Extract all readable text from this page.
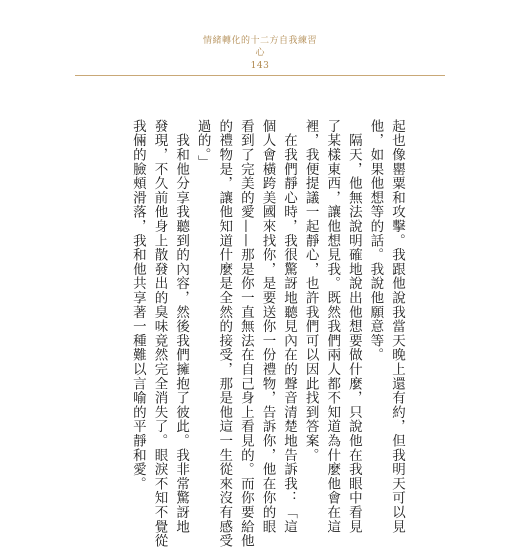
情緒轉化的十二方自我練習
心
143
起也像罌粟和攻擊。我跟他說我當天晚上還有約，但我明天可以見
他，如果他想等的話。我說他願意等。
　隔天，他無法說明確地說出他想要做什麼，只說他在我眼中看見
了某樣東西，讓他想見我。既然我們兩人都不知道為什麼他會在這
裡，我便提議一起靜心，也許我們可以因此找到答案。
　在我們靜心時，我很驚訝地聽見內在的聲音清楚地告訴我：「這
個人會橫跨美國來找你，是要送你一份禮物，告訴你，他在你的眼
看到了完美的愛——那是你一直無法在自己身上看見的。而你要給他
的禮物是，讓他知道什麼是全然的接受，那是他這一生從來沒有感受
過的。」
　我和他分享我聽到的內容，然後我們擁抱了彼此。我非常驚訝地
發現，不久前他身上散發出的臭味竟然完全消失了。眼淚不知不覺從
我倆的臉頰滑落，我和他共享著一種難以言喻的平靜和愛。
